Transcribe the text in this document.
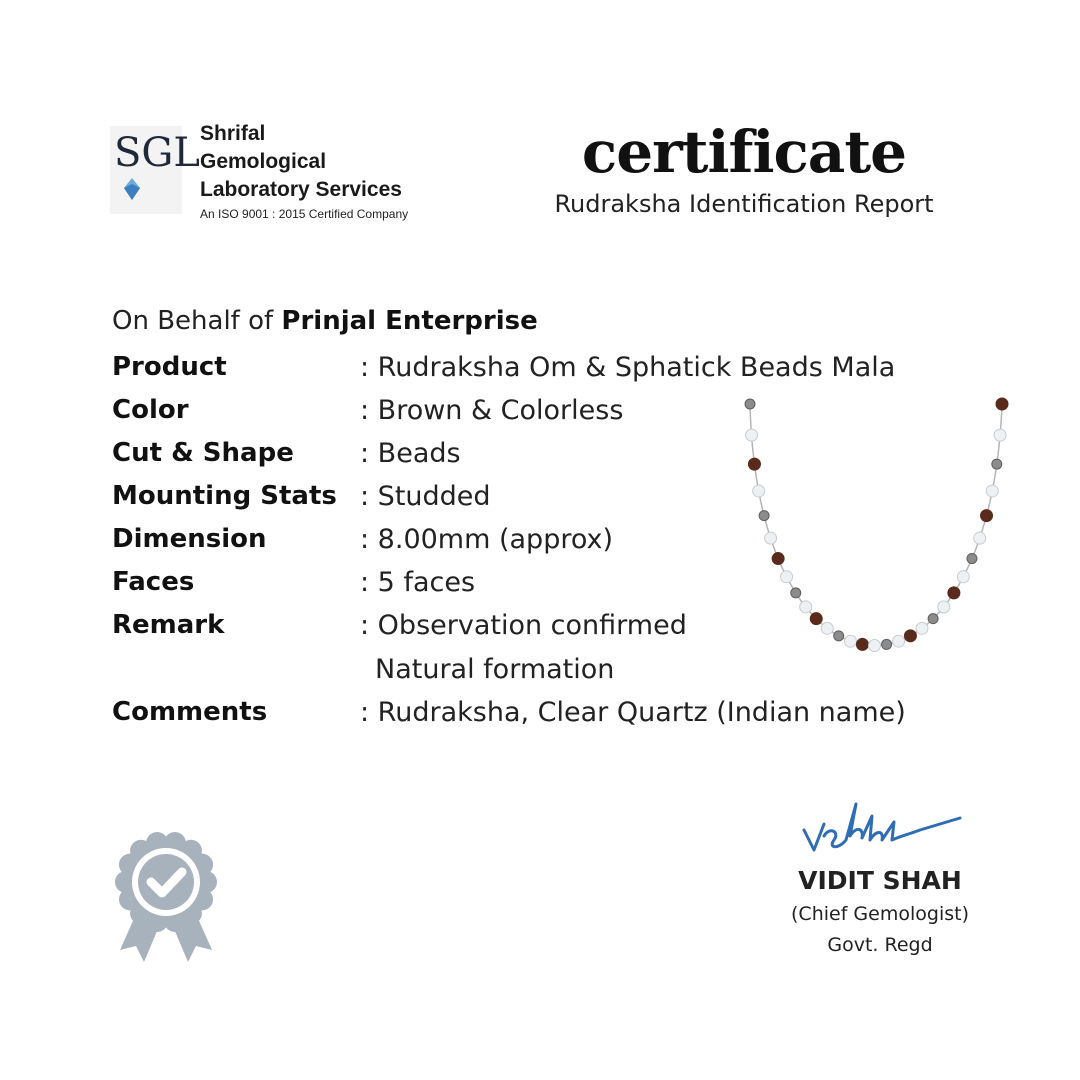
SGL Shrifal
Gemological
Laboratory Services
An ISO 9001 : 2015 Certified Company
certificate
Rudraksha Identification Report
On Behalf of Prinjal Enterprise
Product	: Rudraksha Om & Sphatick Beads Mala
Color	: Brown & Colorless
Cut & Shape : Beads
Mounting Stats : Studded
Dimension	: 8.00mm (approx)
Faces	: 5 faces
Remark	: Observation confirmed
Natural formation
Comments	: Rudraksha, Clear Quartz (Indian name)
VIDIT SHAH
(Chief Gemologist)
Govt. Regd
